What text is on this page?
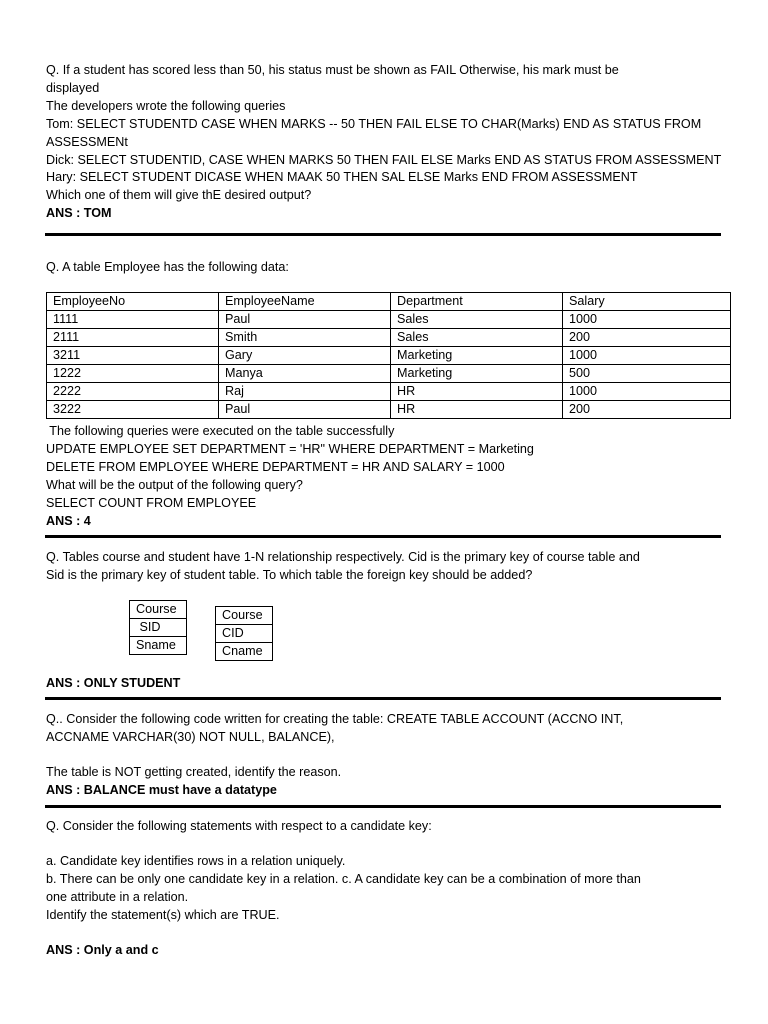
Q. If a student has scored less than 50, his status must be shown as FAIL Otherwise, his mark must be
displayed
The developers wrote the following queries
Tom: SELECT STUDENTD CASE WHEN MARKS -- 50 THEN FAIL ELSE TO CHAR(Marks) END AS STATUS FROM
ASSESSMENt
Dick: SELECT STUDENTID, CASE WHEN MARKS 50 THEN FAIL ELSE Marks END AS STATUS FROM ASSESSMENT
Hary: SELECT STUDENT DICASE WHEN MAAK 50 THEN SAL ELSE Marks END FROM ASSESSMENT
Which one of them will give thE desired output?
ANS : TOM
Q. A table Employee has the following data:
EmployeeNo	EmployeeName	Department	Salary
1111	Paul	Sales	1000
2111	Smith	Sales	200
3211	Gary	Marketing	1000
1222	Manya	Marketing	500
2222	Raj	HR	1000
3222	Paul	HR	200
The following queries were executed on the table successfully
UPDATE EMPLOYEE SET DEPARTMENT = 'HR" WHERE DEPARTMENT = Marketing
DELETE FROM EMPLOYEE WHERE DEPARTMENT = HR AND SALARY = 1000
What will be the output of the following query?
SELECT COUNT FROM EMPLOYEE
ANS : 4
Q. Tables course and student have 1-N relationship respectively. Cid is the primary key of course table and
Sid is the primary key of student table. To which table the foreign key should be added?
Course
SID
Sname
Course
CID
Cname
ANS : ONLY STUDENT
Q.. Consider the following code written for creating the table: CREATE TABLE ACCOUNT (ACCNO INT,
ACCNAME VARCHAR(30) NOT NULL, BALANCE),
The table is NOT getting created, identify the reason.
ANS : BALANCE must have a datatype
Q. Consider the following statements with respect to a candidate key:
a. Candidate key identifies rows in a relation uniquely.
b. There can be only one candidate key in a relation. c. A candidate key can be a combination of more than
one attribute in a relation.
Identify the statement(s) which are TRUE.
ANS : Only a and c
